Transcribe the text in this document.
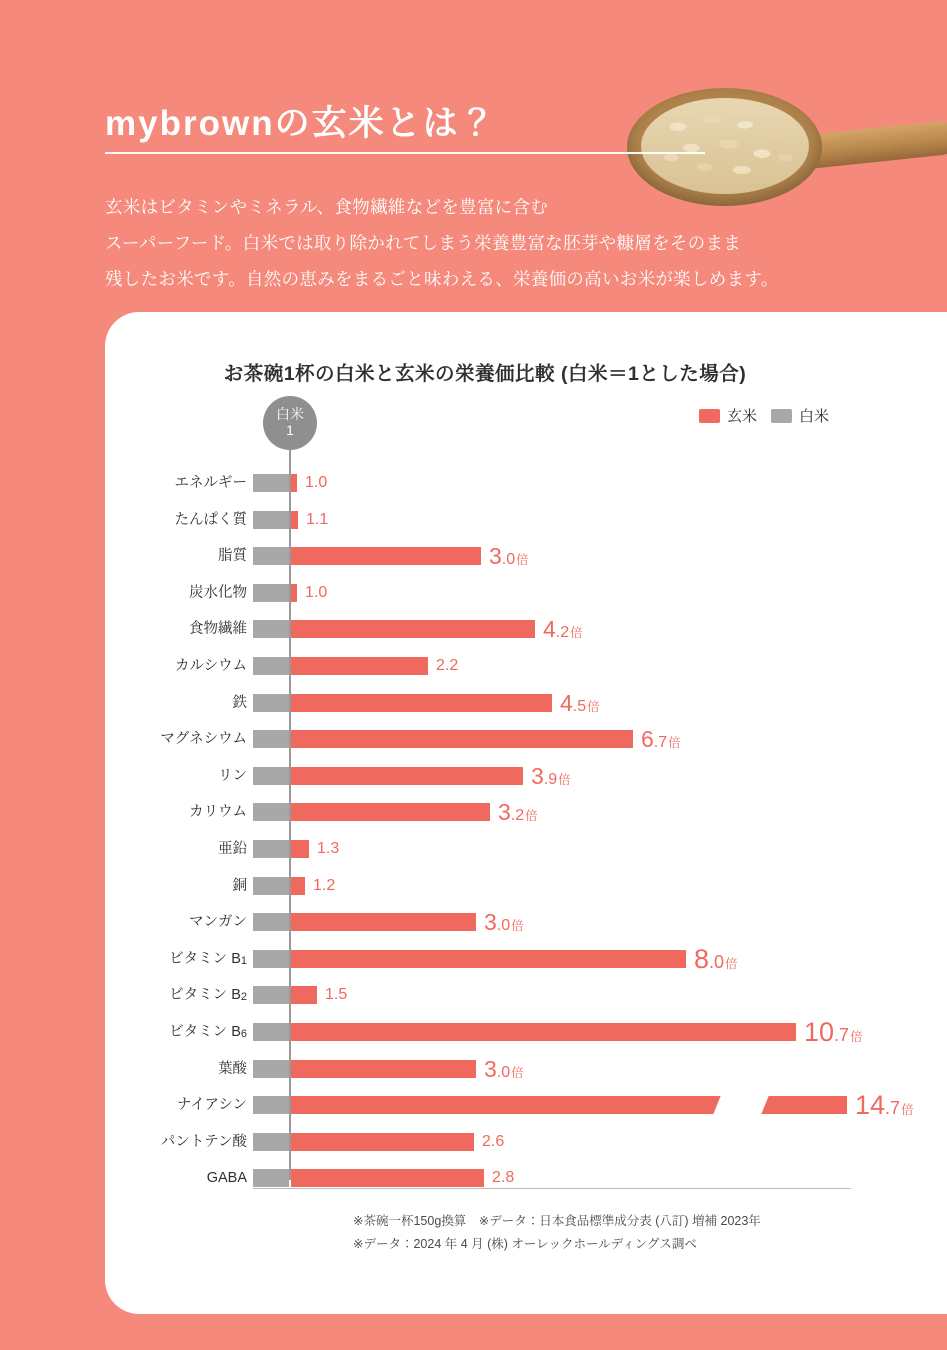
mybrownの玄米とは？
玄米はビタミンやミネラル、食物繊維などを豊富に含む
スーパーフード。白米では取り除かれてしまう栄養豊富な胚芽や糠層をそのまま
残したお米です。自然の恵みをまるごと味わえる、栄養価の高いお米が楽しめます。
お茶碗1杯の白米と玄米の栄養価比較 (白米＝1とした場合)
玄米	白米
白米
1
エネルギー	1.0
たんぱく質	1.1
脂質	3.0倍
炭水化物	1.0
食物繊維	4.2倍
カルシウム	2.2
鉄	4.5倍
マグネシウム	6.7倍
リン	3.9倍
カリウム	3.2倍
亜鉛	1.3
銅	1.2
マンガン	3.0倍
ビタミン $B_1$	8.0倍
ビタミン $B_2$	1.5
ビタミン $B_6$	10.7倍
葉酸	3.0倍
ナイアシン	14.7倍
パントテン酸	2.6
GABA	2.8
※茶碗一杯150g換算　※データ：日本食品標準成分表 (八訂) 増補 2023年
※データ：2024 年 4 月 (株) オーレックホールディングス調べ
